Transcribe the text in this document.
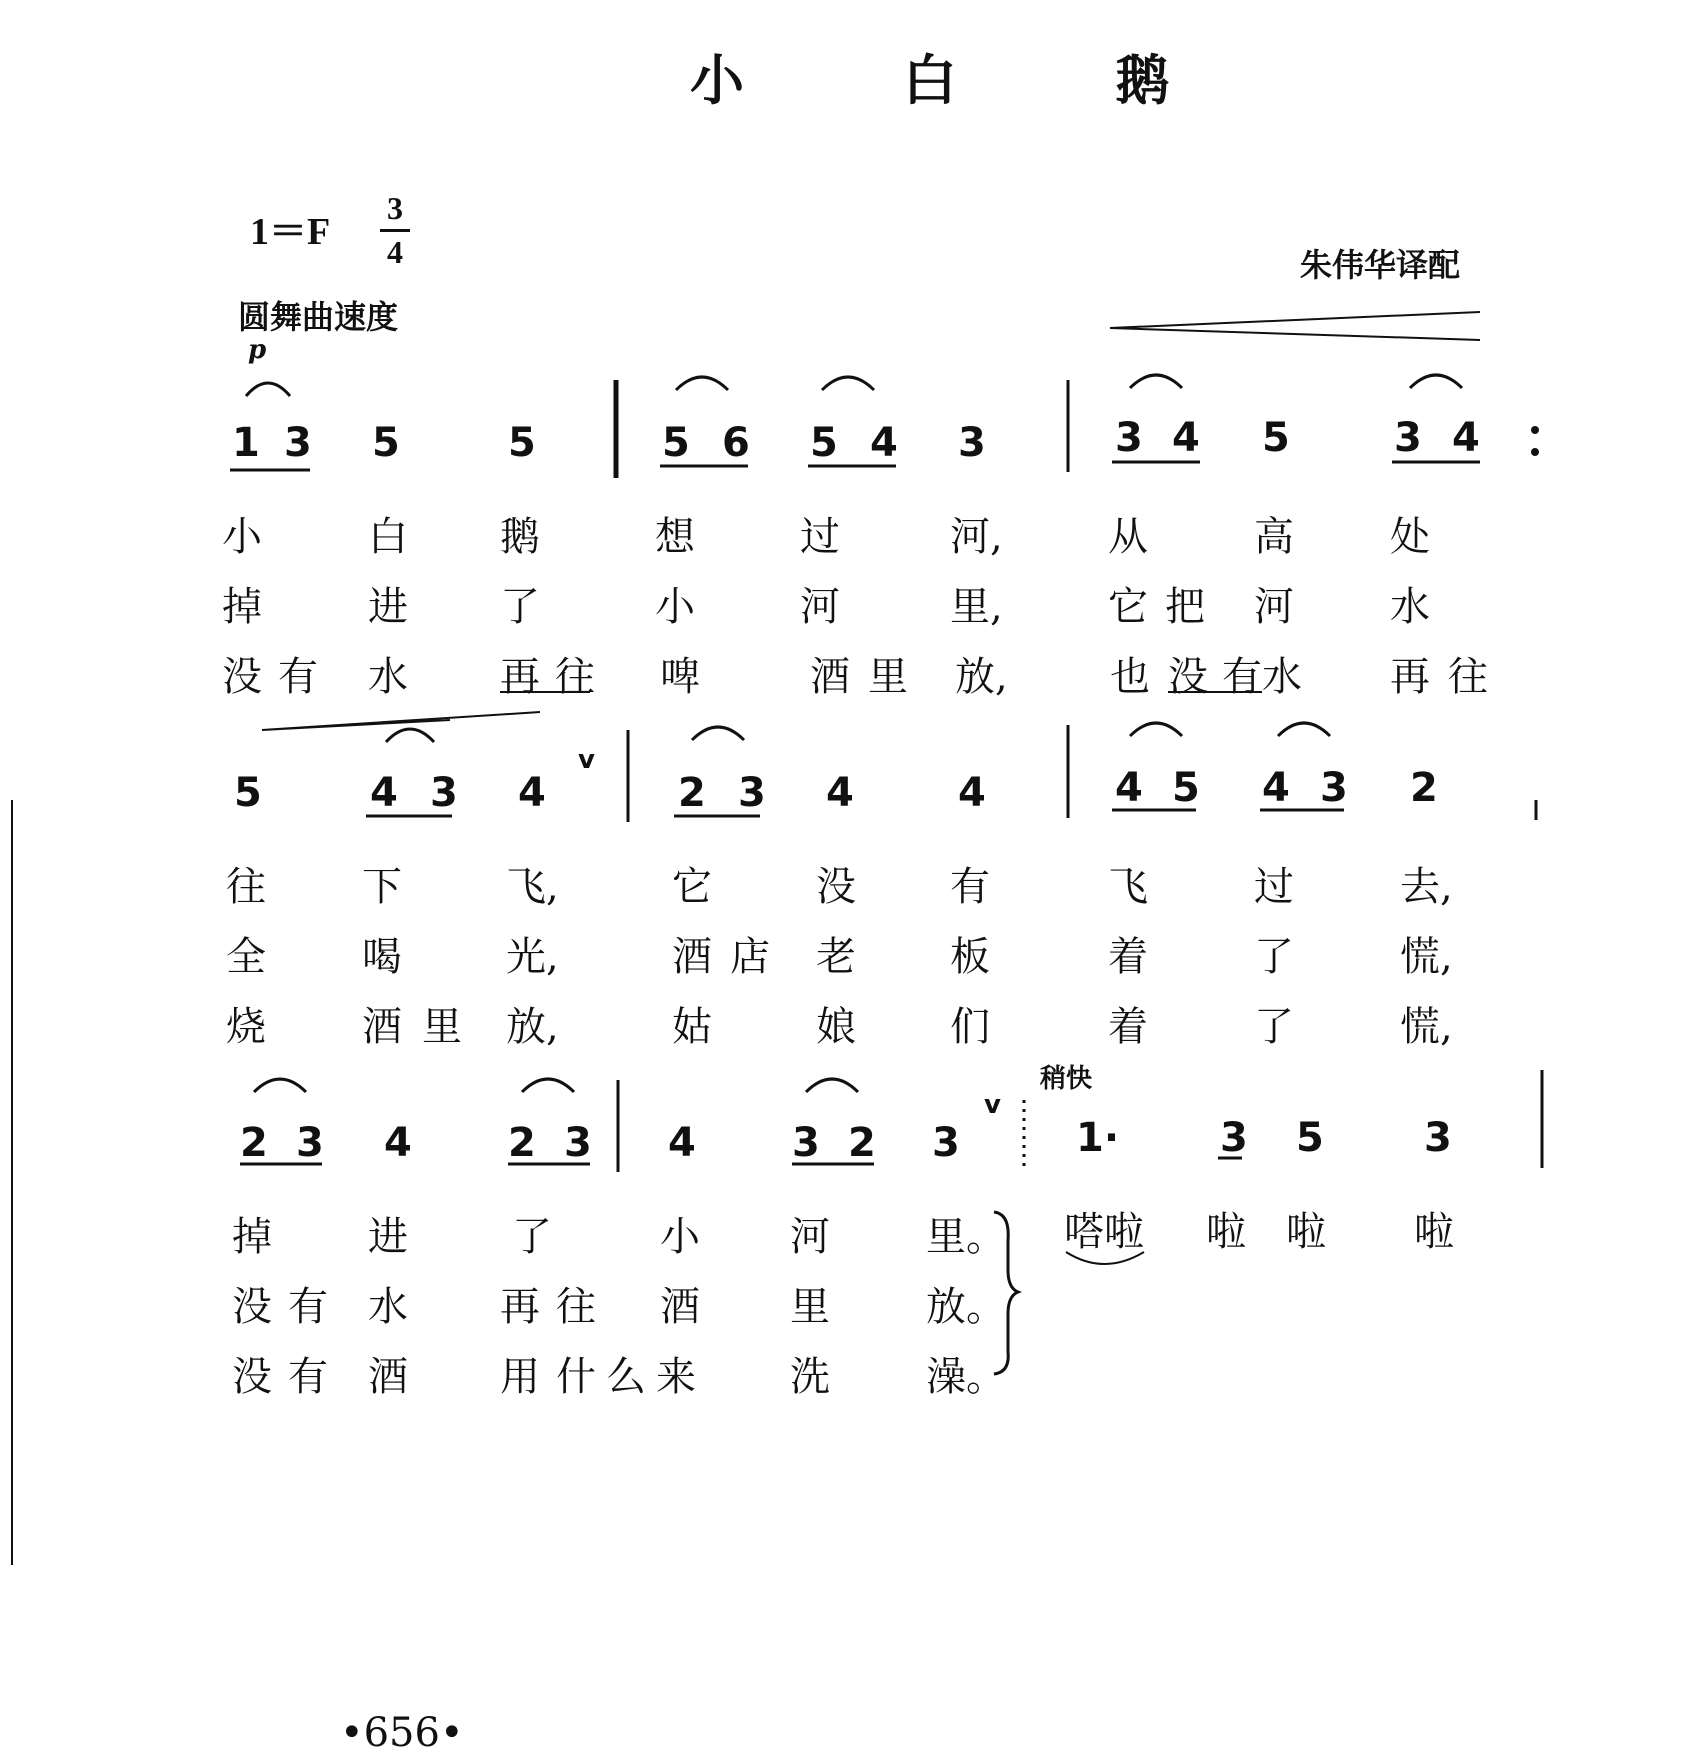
小 白 鹅
1＝F
3
4
圆舞曲速度
朱伟华译配
p
1 3 5	5	5 6 5 4 3	3 4 5	3 4
小	白 鹅	想	过	河,	从	高 处
掉	进 了	小	河	里,	它 把 河 水
没 有 水 再 往 啤	酒 里 放,	也 没 有 水 再 往
5	4 3 4	2 3 4	4	4 5 4 3 2
往 下	飞,	它	没 有	飞	过	去,
全 喝	光,	酒 店 老 板	着	了	慌,
烧 酒 里 放,	姑	娘 们	着	了	慌,
稍快
2 3 4 2 3 4 3 2 3	1·	3 5	3
掉 进	了	小 河 里。
没 有 水 再 往 酒 里 放。
没 有 酒 用 什 么 来 洗 澡。
嗒啦 啦 啦 啦
v
v
•656•
